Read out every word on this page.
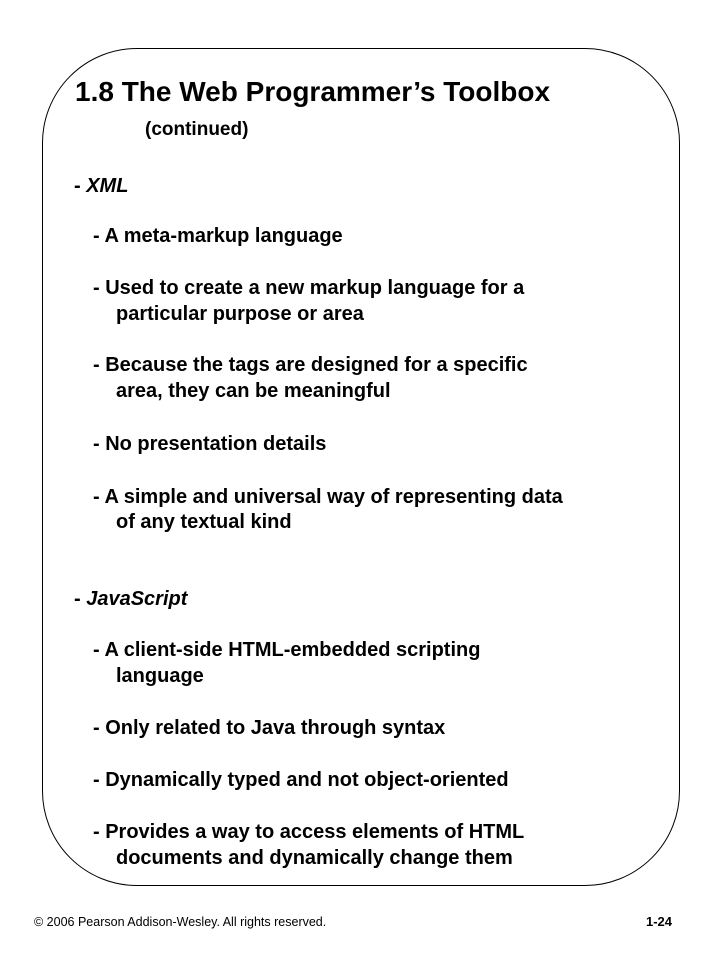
1.8 The Web Programmer’s Toolbox
(continued)
- XML
- A meta-markup language
- Used to create a new markup language for a
particular purpose or area
- Because the tags are designed for a specific
area, they can be meaningful
- No presentation details
- A simple and universal way of representing data
of any textual kind
- JavaScript
- A client-side HTML-embedded scripting
language
- Only related to Java through syntax
- Dynamically typed and not object-oriented
- Provides a way to access elements of HTML
documents and dynamically change them
© 2006 Pearson Addison-Wesley. All rights reserved.	1-24
